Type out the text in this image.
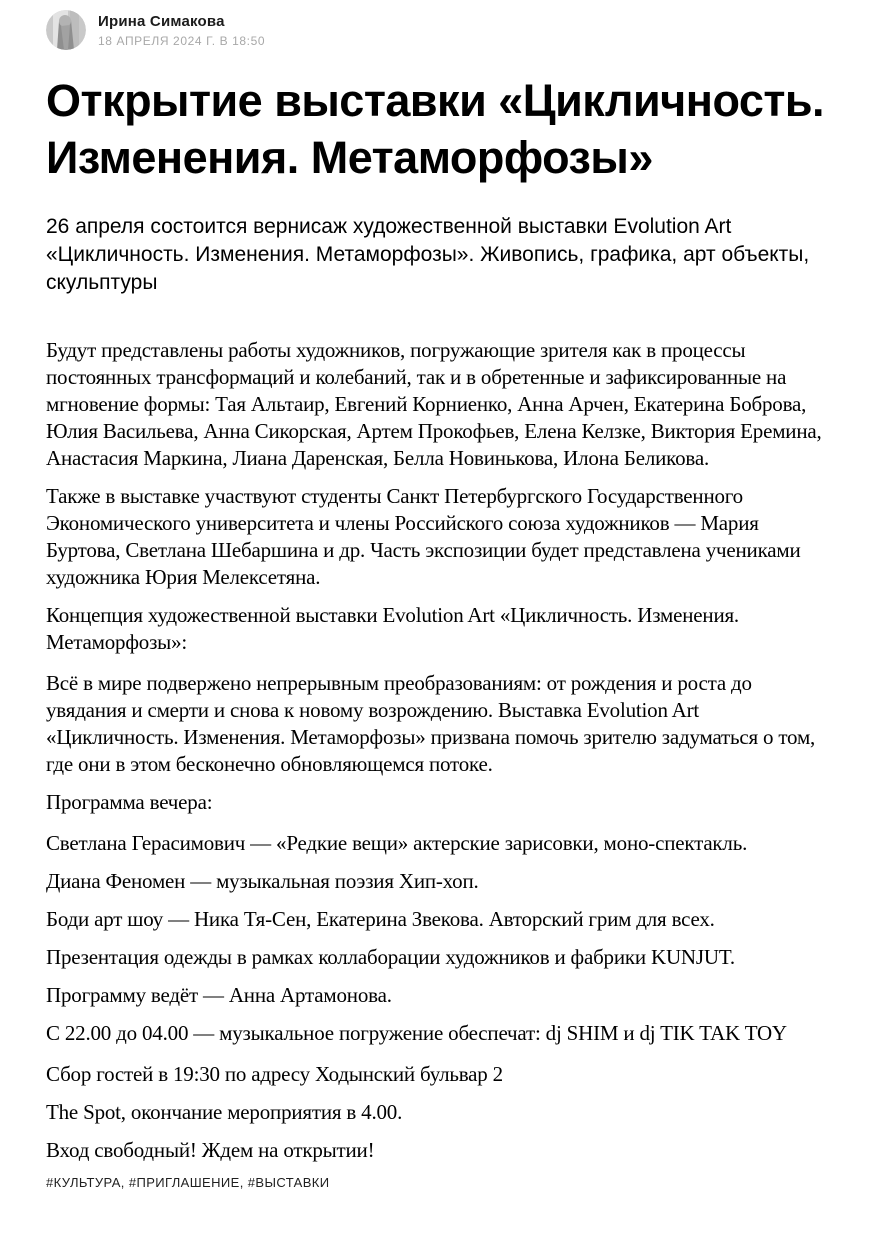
Ирина Симакова
18 АПРЕЛЯ 2024 Г. В 18:50
Открытие выставки «Цикличность. Изменения. Метаморфозы»

26 апреля состоится вернисаж художественной выставки Evolution Art «Цикличность. Изменения. Метаморфозы». Живопись, графика, арт объекты, скульптуры

Будут представлены работы художников, погружающие зрителя как в процессы постоянных трансформаций и колебаний, так и в обретенные и зафиксированные на мгновение формы: Тая Альтаир, Евгений Корниенко, Анна Арчен, Екатерина Боброва, Юлия Васильева, Анна Сикорская, Артем Прокофьев, Елена Келзке, Виктория Еремина, Анастасия Маркина, Лиана Даренская, Белла Новинькова, Илона Беликова.

Также в выставке участвуют студенты Санкт Петербургского Государственного Экономического университета и члены Российского союза художников — Мария Буртова, Светлана Шебаршина и др. Часть экспозиции будет представлена учениками художника Юрия Мелексетяна.

Концепция художественной выставки Evolution Art «Цикличность. Изменения. Метаморфозы»:

Всё в мире подвержено непрерывным преобразованиям: от рождения и роста до увядания и смерти и снова к новому возрождению. Выставка Evolution Art «Цикличность. Изменения. Метаморфозы» призвана помочь зрителю задуматься о том, где они в этом бесконечно обновляющемся потоке.

Программа вечера:

Светлана Герасимович — «Редкие вещи» актерские зарисовки, моно-спектакль.

Диана Феномен — музыкальная поэзия Хип-хоп.

Боди арт шоу — Ника Тя-Сен, Екатерина Звекова. Авторский грим для всех.

Презентация одежды в рамках коллаборации художников и фабрики KUNJUT.

Программу ведёт — Анна Артамонова.

С 22.00 до 04.00 — музыкальное погружение обеспечат: dj SHIM и dj TIK TAK TOY

Сбор гостей в 19:30 по адресу Ходынский бульвар 2

The Spot, окончание мероприятия в 4.00.

Вход свободный! Ждем на открытии!

#КУЛЬТУРА, #ПРИГЛАШЕНИЕ, #ВЫСТАВКИ
